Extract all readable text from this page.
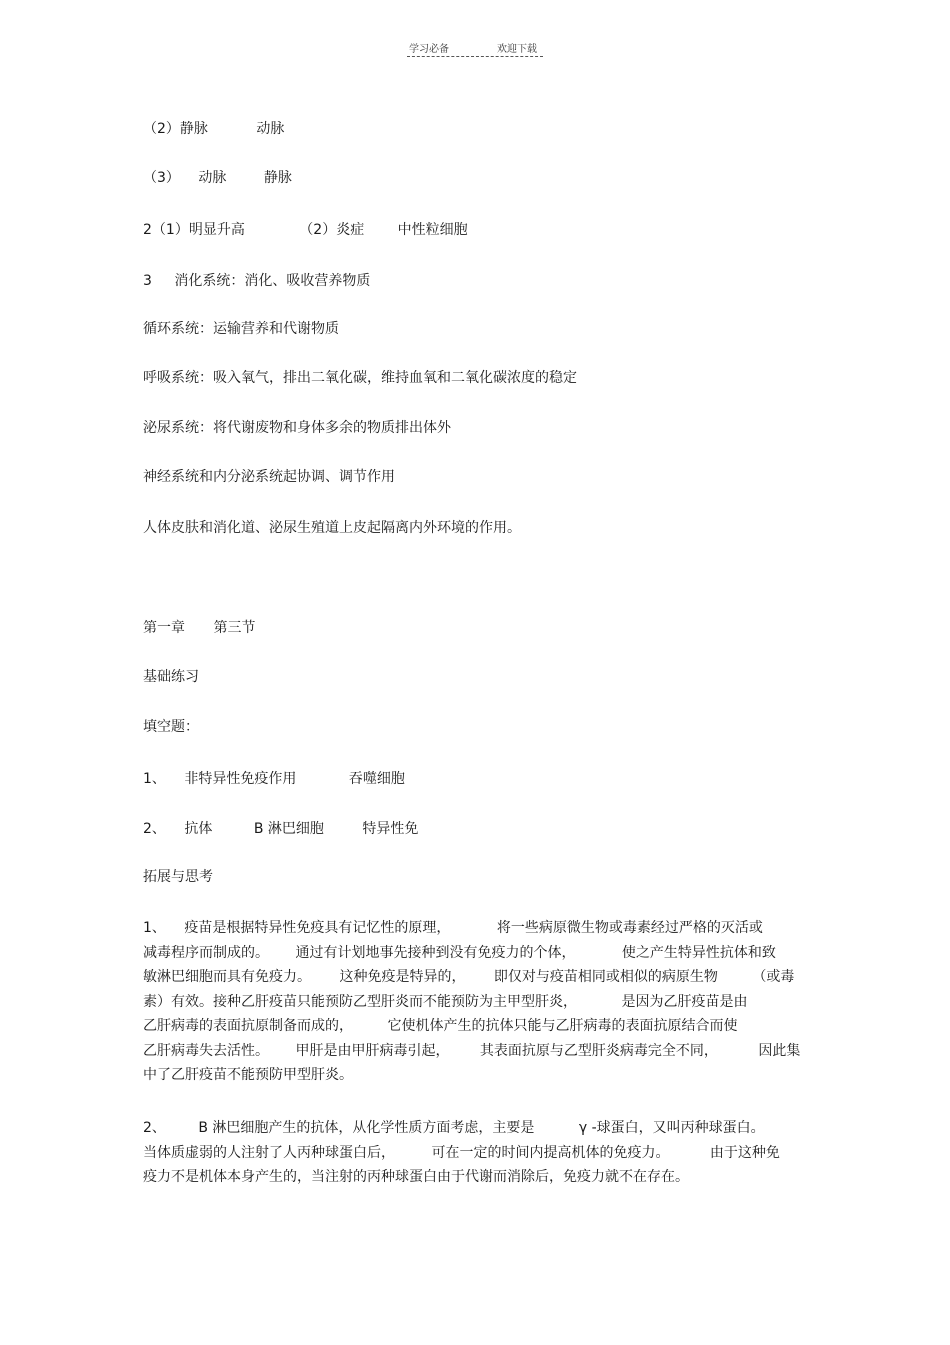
学习必备	欢迎下载
（2）静脉	动脉
（3） 动脉	静脉
2（1）明显升高	（2）炎症 中性粒细胞
3 消化系统：消化、吸收营养物质
循环系统：运输营养和代谢物质
呼吸系统：吸入氧气，排出二氧化碳，维持血氧和二氧化碳浓度的稳定
泌尿系统：将代谢废物和身体多余的物质排出体外
神经系统和内分泌系统起协调、调节作用
人体皮肤和消化道、泌尿生殖道上皮起隔离内外环境的作用。
第一章 第三节
基础练习
填空题：
1、 非特异性免疫作用	吞噬细胞
2、 抗体	B 淋巴细胞	特异性免
拓展与思考
1、 疫苗是根据特异性免疫具有记忆性的原理，	将一些病原微生物或毒素经过严格的灭活或
减毒程序而制成的。 通过有计划地事先接种到没有免疫力的个体，	使之产生特异性抗体和致
敏淋巴细胞而具有免疫力。 这种免疫是特异的， 即仅对与疫苗相同或相似的病原生物 （或毒
素）有效。接种乙肝疫苗只能预防乙型肝炎而不能预防为主甲型肝炎，	是因为乙肝疫苗是由
乙肝病毒的表面抗原制备而成的， 它使机体产生的抗体只能与乙肝病毒的表面抗原结合而使
乙肝病毒失去活性。 甲肝是由甲肝病毒引起， 其表面抗原与乙型肝炎病毒完全不同，	因此集
中了乙肝疫苗不能预防甲型肝炎。
2、 B 淋巴细胞产生的抗体，从化学性质方面考虑，主要是	γ -球蛋白，又叫丙种球蛋白。
当体质虚弱的人注射了人丙种球蛋白后，	可在一定的时间内提高机体的免疫力。	由于这种免
疫力不是机体本身产生的，当注射的丙种球蛋白由于代谢而消除后，免疫力就不在存在。
